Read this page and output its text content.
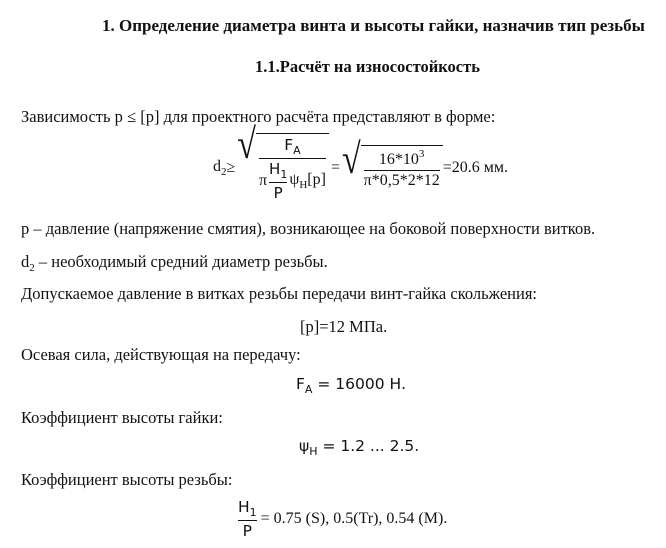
1. Определение диаметра винта и высоты гайки, назначив тип резьбы
1.1.Расчёт на износостойкость
Зависимость p ≤ [p] для проектного расчёта представляют в форме:
$d_2$ ≥ √ $F_A$
π
$H_1$
P
$\psi_H[p]$
= √ $\frac{16*10^3}{\pi*0,5*2*12} =20.6$ мм.
p – давление (напряжение смятия), возникающее на боковой поверхности витков.
$d_2$ – необходимый средний диаметр резьбы.
Допускаемое давление в витках резьбы передачи винт-гайка скольжения:
[p]=12 МПа.
Осевая сила, действующая на передачу:
$F_A = 16000$ Н.
Коэффициент высоты гайки:
$\psi_H = 1.2$ ... 2.5.
Коэффициент высоты резьбы:
$H_1$
P
= 0.75 (S), 0.5(Tr), 0.54 (M).
